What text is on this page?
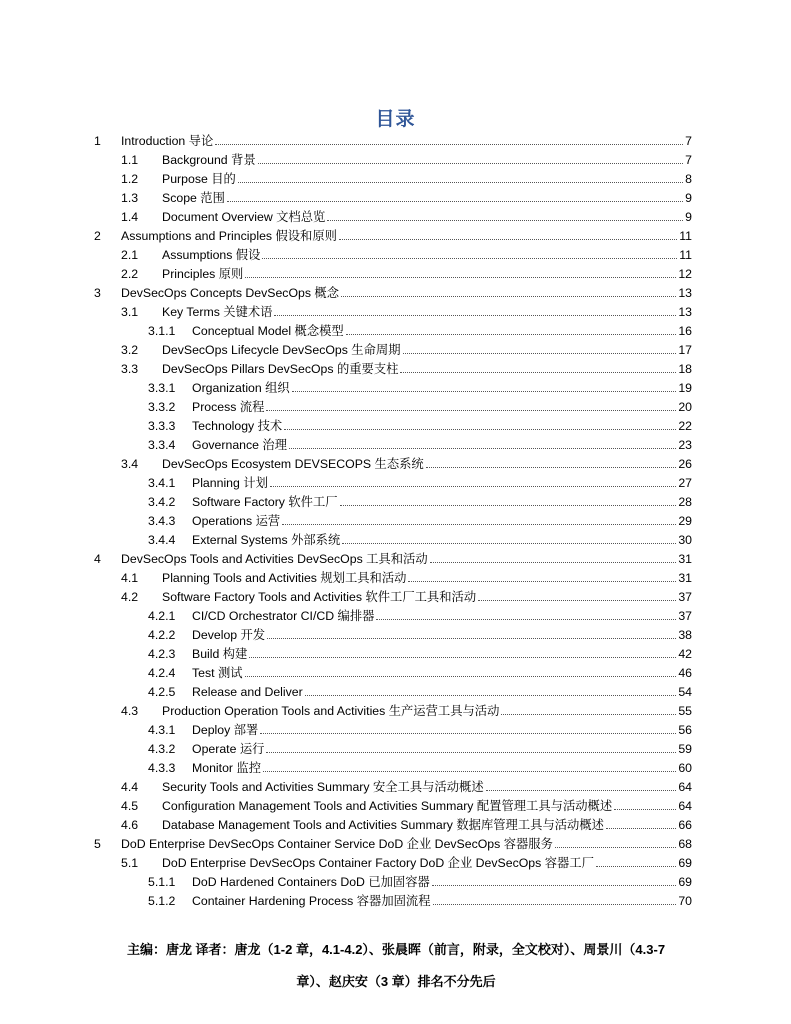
目录
1	Introduction 导论	7
1.1	Background 背景	7
1.2	Purpose 目的	8
1.3	Scope 范围	9
1.4	Document Overview 文档总览	9
2	Assumptions and Principles 假设和原则	11
2.1	Assumptions 假设	11
2.2	Principles 原则	12
3	DevSecOps Concepts DevSecOps 概念	13
3.1	Key Terms 关键术语	13
3.1.1	Conceptual Model 概念模型	16
3.2	DevSecOps Lifecycle DevSecOps 生命周期	17
3.3	DevSecOps Pillars DevSecOps 的重要支柱	18
3.3.1	Organization 组织	19
3.3.2	Process 流程	20
3.3.3	Technology 技术	22
3.3.4	Governance 治理	23
3.4	DevSecOps Ecosystem DEVSECOPS 生态系统	26
3.4.1	Planning 计划	27
3.4.2	Software Factory 软件工厂	28
3.4.3	Operations 运营	29
3.4.4	External Systems 外部系统	30
4	DevSecOps Tools and Activities DevSecOps 工具和活动	31
4.1	Planning Tools and Activities 规划工具和活动	31
4.2	Software Factory Tools and Activities 软件工厂工具和活动	37
4.2.1	CI/CD Orchestrator CI/CD 编排器	37
4.2.2	Develop 开发	38
4.2.3	Build 构建	42
4.2.4	Test 测试	46
4.2.5	Release and Deliver	54
4.3	Production Operation Tools and Activities 生产运营工具与活动	55
4.3.1	Deploy 部署	56
4.3.2	Operate 运行	59
4.3.3	Monitor 监控	60
4.4	Security Tools and Activities Summary 安全工具与活动概述	64
4.5	Configuration Management Tools and Activities Summary 配置管理工具与活动概述	64
4.6	Database Management Tools and Activities Summary 数据库管理工具与活动概述	66
5	DoD Enterprise DevSecOps Container Service DoD 企业 DevSecOps 容器服务	68
5.1	DoD Enterprise DevSecOps Container Factory DoD 企业 DevSecOps 容器工厂	69
5.1.1	DoD Hardened Containers DoD 已加固容器	69
5.1.2	Container Hardening Process 容器加固流程	70
主编：唐龙 译者：唐龙（1-2 章，4.1-4.2）、张晨晖（前言，附录，全文校对）、周景川（4.3-7
章）、赵庆安（3 章）排名不分先后
